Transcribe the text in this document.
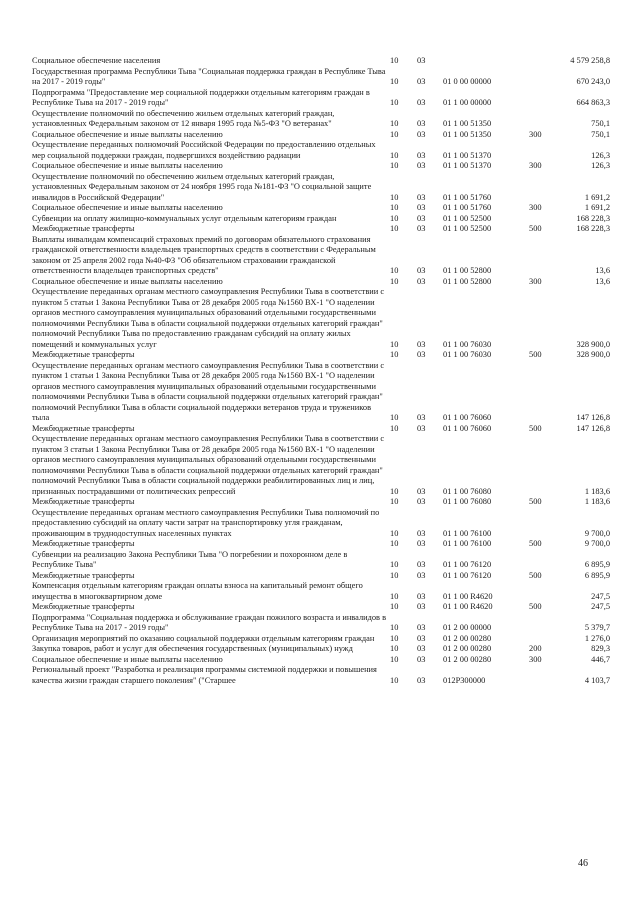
Социальное обеспечение населения	10	03			4 579 258,8
Государственная программа Республики Тыва "Социальная поддержка граждан в Республике Тыва на 2017 - 2019 годы"	10	03	01 0 00 00000		670 243,0
Подпрограмма "Предоставление мер социальной поддержки отдельным категориям граждан в Республике Тыва на 2017 - 2019 годы"	10	03	01 1 00 00000		664 863,3
Осуществление полномочий по обеспечению жильем отдельных категорий граждан, установленных Федеральным законом от 12 января 1995 года №5-ФЗ "О ветеранах"	10	03	01 1 00 51350		750,1
Социальное обеспечение и иные выплаты населению	10	03	01 1 00 51350	300	750,1
Осуществление переданных полномочий Российской Федерации по предоставлению отдельных мер социальной поддержки граждан, подвергшихся воздействию радиации	10	03	01 1 00 51370		126,3
Социальное обеспечение и иные выплаты населению	10	03	01 1 00 51370	300	126,3
Осуществление полномочий по обеспечению жильем отдельных категорий граждан, установленных Федеральным законом от 24 ноября 1995 года №181-ФЗ "О социальной защите инвалидов в Российской Федерации"	10	03	01 1 00 51760		1 691,2
Социальное обеспечение и иные выплаты населению	10	03	01 1 00 51760	300	1 691,2
Субвенции на оплату жилищно-коммунальных услуг отдельным категориям граждан	10	03	01 1 00 52500		168 228,3
Межбюджетные трансферты	10	03	01 1 00 52500	500	168 228,3
Выплаты инвалидам компенсаций страховых премий по договорам обязательного страхования гражданской ответственности владельцев транспортных средств в соответствии с Федеральным законом от 25 апреля 2002 года №40-ФЗ "Об обязательном страховании гражданской ответственности владельцев транспортных средств"	10	03	01 1 00 52800		13,6
Социальное обеспечение и иные выплаты населению	10	03	01 1 00 52800	300	13,6
Осуществление переданных органам местного самоуправления Республики Тыва в соответствии с пунктом 5 статьи 1 Закона Республики Тыва от 28 декабря 2005 года №1560 ВХ-1 "О наделении органов местного самоуправления муниципальных образований отдельными государственными полномочиями Республики Тыва в области социальной поддержки отдельных категорий граждан" полномочий Республики Тыва по предоставлению гражданам субсидий на оплату жилых помещений и коммунальных услуг	10	03	01 1 00 76030		328 900,0
Межбюджетные трансферты	10	03	01 1 00 76030	500	328 900,0
Осуществление переданных органам местного самоуправления Республики Тыва в соответствии с пунктом 1 статьи 1 Закона Республики Тыва от 28 декабря 2005 года №1560 ВХ-1 "О наделении органов местного самоуправления муниципальных образований отдельными государственными полномочиями Республики Тыва в области социальной поддержки отдельных категорий граждан" полномочий Республики Тыва в области социальной поддержки ветеранов труда и тружеников тыла	10	03	01 1 00 76060		147 126,8
Межбюджетные трансферты	10	03	01 1 00 76060	500	147 126,8
Осуществление переданных органам местного самоуправления Республики Тыва в соответствии с пунктом 3 статьи 1 Закона Республики Тыва от 28 декабря 2005 года №1560 ВХ-1 "О наделении органов местного самоуправления муниципальных образований отдельными государственными полномочиями Республики Тыва в области социальной поддержки отдельных категорий граждан" полномочий Республики Тыва в области социальной поддержки реабилитированных лиц и лиц, признанных пострадавшими от политических репрессий	10	03	01 1 00 76080		1 183,6
Межбюджетные трансферты	10	03	01 1 00 76080	500	1 183,6
Осуществление переданных органам местного самоуправления Республики Тыва полномочий по предоставлению субсидий на оплату части затрат на транспортировку угля гражданам, проживающим в труднодоступных населенных пунктах	10	03	01 1 00 76100		9 700,0
Межбюджетные трансферты	10	03	01 1 00 76100	500	9 700,0
Субвенции на реализацию Закона Республики Тыва "О погребении и похоронном деле в Республике Тыва"	10	03	01 1 00 76120		6 895,9
Межбюджетные трансферты	10	03	01 1 00 76120	500	6 895,9
Компенсация отдельным категориям граждан оплаты взноса на капитальный ремонт общего имущества в многоквартирном доме	10	03	01 1 00 R4620		247,5
Межбюджетные трансферты	10	03	01 1 00 R4620	500	247,5
Подпрограмма "Социальная поддержка и обслуживание граждан пожилого возраста и инвалидов в Республике Тыва на 2017 - 2019 годы"	10	03	01 2 00 00000		5 379,7
Организация мероприятий по оказанию социальной поддержки отдельным категориям граждан	10	03	01 2 00 00280		1 276,0
Закупка товаров, работ и услуг для обеспечения государственных (муниципальных) нужд	10	03	01 2 00 00280	200	829,3
Социальное обеспечение и иные выплаты населению	10	03	01 2 00 00280	300	446,7
Региональный проект "Разработка и реализация программы системной поддержки и повышения качества жизни граждан старшего поколения" ("Старшее	10	03	012P300000		4 103,7
46
